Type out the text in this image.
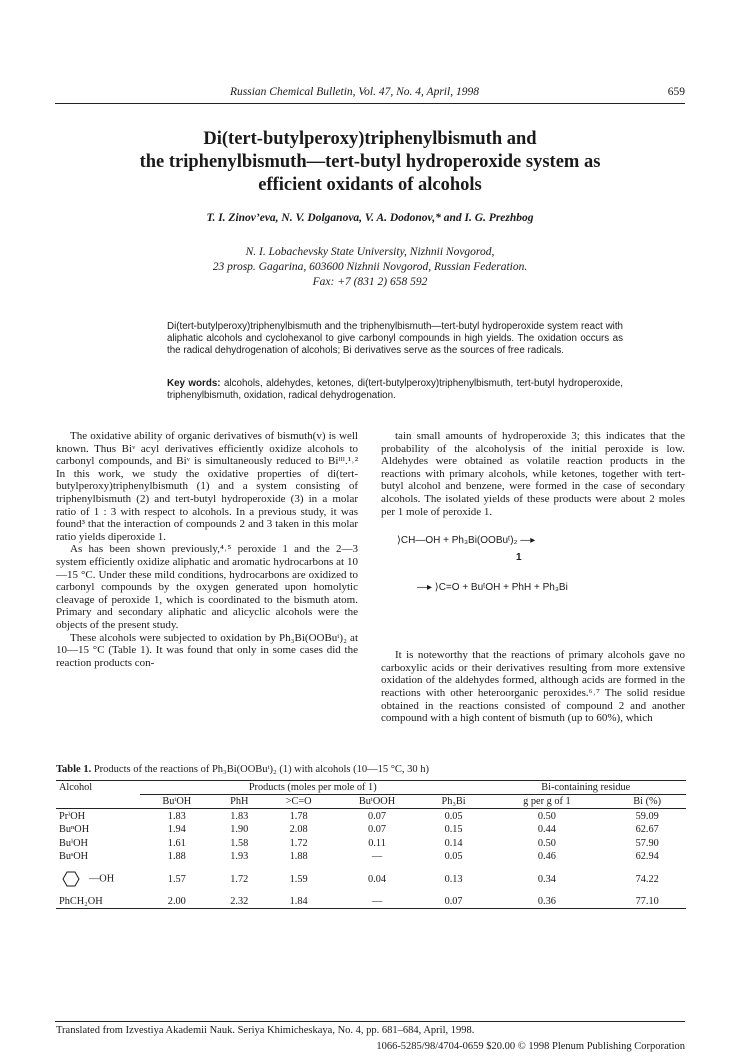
Russian Chemical Bulletin, Vol. 47, No. 4, April, 1998	659
Di(tert-butylperoxy)triphenylbismuth and
the triphenylbismuth—tert-butyl hydroperoxide system as
efficient oxidants of alcohols
T. I. Zinov’eva, N. V. Dolganova, V. A. Dodonov,* and I. G. Prezhbog
N. I. Lobachevsky State University, Nizhnii Novgorod,
23 prosp. Gagarina, 603600 Nizhnii Novgorod, Russian Federation.
Fax: +7 (831 2) 658 592
Di(tert-butylperoxy)triphenylbismuth and the triphenylbismuth—tert-butyl hydroperoxide system react with aliphatic alcohols and cyclohexanol to give carbonyl compounds in high yields. The oxidation occurs as the radical dehydrogenation of alcohols; Bi derivatives serve as the sources of free radicals.
Key words: alcohols, aldehydes, ketones, di(tert-butylperoxy)triphenylbismuth, tert-butyl hydroperoxide, triphenylbismuth, oxidation, radical dehydrogenation.

The oxidative ability of organic derivatives of bismuth(v) is well known. Thus Biᵛ acyl derivatives efficiently oxidize alcohols to carbonyl compounds, and Biᵛ is simultaneously reduced to Biᴵᴵᴵ.¹˒² In this work, we study the oxidative properties of di(tert-butylperoxy)triphenylbismuth (1) and a system consisting of triphenylbismuth (2) and tert-butyl hydroperoxide (3) in a molar ratio of 1 : 3 with respect to alcohols. In a previous study, it was found³ that the interaction of compounds 2 and 3 taken in this molar ratio yields diperoxide 1.

As has been shown previously,⁴˒⁵ peroxide 1 and the 2—3 system efficiently oxidize aliphatic and aromatic hydrocarbons at 10—15 °C. Under these mild conditions, hydrocarbons are oxidized to carbonyl compounds by the oxygen generated upon homolytic cleavage of peroxide 1, which is coordinated to the bismuth atom. Primary and secondary aliphatic and alicyclic alcohols were the objects of the present study.

These alcohols were subjected to oxidation by Ph₃Bi(OOBuᵗ)₂ at 10—15 °C (Table 1). It was found that only in some cases did the reaction products con-

tain small amounts of hydroperoxide 3; this indicates that the probability of the alcoholysis of the initial peroxide is low. Aldehydes were obtained as volatile reaction products in the reactions with primary alcohols, while ketones, together with tert-butyl alcohol and benzene, were formed in the case of secondary alcohols. The isolated yields of these products were about 2 moles per 1 mole of peroxide 1.

⟩CH—OH + Ph₃Bi(OOBuᵗ)₂ —▸
1
—▸ ⟩C=O + BuᵗOH + PhH + Ph₃Bi

It is noteworthy that the reactions of primary alcohols gave no carboxylic acids or their derivatives resulting from more extensive oxidation of the aldehydes formed, although acids are formed in the reactions with other heteroorganic peroxides.⁶˒⁷ The solid residue obtained in the reactions consisted of compound 2 and another compound with a high content of bismuth (up to 60%), which

Table 1. Products of the reactions of Ph₃Bi(OOBuᵗ)₂ (1) with alcohols (10—15 °C, 30 h)
Alcohol	Products (moles per mole of 1)					Bi-containing residue	
	BuᵗOH	PhH	>C=O	BuᵗOOH	Ph₃Bi	g per g of 1	Bi (%)
PrⁱOH	1.83	1.83	1.78	0.07	0.05	0.50	59.09
BuⁿOH	1.94	1.90	2.08	0.07	0.15	0.44	62.67
BuⁱOH	1.61	1.58	1.72	0.11	0.14	0.50	57.90
BuˢOH	1.88	1.93	1.88	—	0.05	0.46	62.94
—OH	1.57	1.72	1.59	0.04	0.13	0.34	74.22
PhCH₂OH	2.00	2.32	1.84	—	0.07	0.36	77.10
Translated from Izvestiya Akademii Nauk. Seriya Khimicheskaya, No. 4, pp. 681–684, April, 1998.
1066-5285/98/4704-0659 $20.00 © 1998 Plenum Publishing Corporation
